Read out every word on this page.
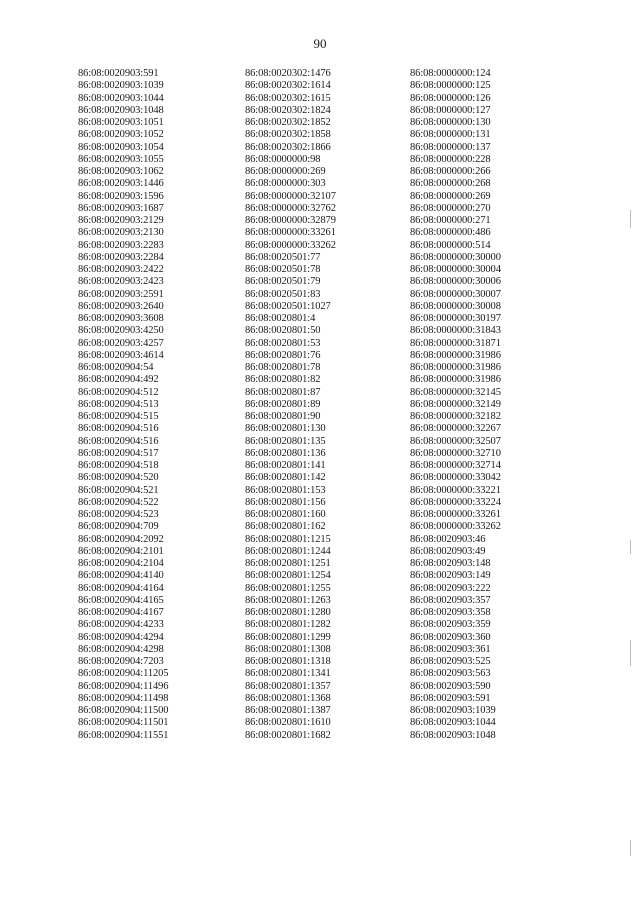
90
86:08:0020903:591
86:08:0020903:1039
86:08:0020903:1044
86:08:0020903:1048
86:08:0020903:1051
86:08:0020903:1052
86:08:0020903:1054
86:08:0020903:1055
86:08:0020903:1062
86:08:0020903:1446
86:08:0020903:1596
86:08:0020903:1687
86:08:0020903:2129
86:08:0020903:2130
86:08:0020903:2283
86:08:0020903:2284
86:08:0020903:2422
86:08:0020903:2423
86:08:0020903:2591
86:08:0020903:2640
86:08:0020903:3608
86:08:0020903:4250
86:08:0020903:4257
86:08:0020903:4614
86:08:0020904:54
86:08:0020904:492
86:08:0020904:512
86:08:0020904:513
86:08:0020904:515
86:08:0020904:516
86:08:0020904:516
86:08:0020904:517
86:08:0020904:518
86:08:0020904:520
86:08:0020904:521
86:08:0020904:522
86:08:0020904:523
86:08:0020904:709
86:08:0020904:2092
86:08:0020904:2101
86:08:0020904:2104
86:08:0020904:4140
86:08:0020904:4164
86:08:0020904:4165
86:08:0020904:4167
86:08:0020904:4233
86:08:0020904:4294
86:08:0020904:4298
86:08:0020904:7203
86:08:0020904:11205
86:08:0020904:11496
86:08:0020904:11498
86:08:0020904:11500
86:08:0020904:11501
86:08:0020904:11551
86:08:0020302:1476
86:08:0020302:1614
86:08:0020302:1615
86:08:0020302:1824
86:08:0020302:1852
86:08:0020302:1858
86:08:0020302:1866
86:08:0000000:98
86:08:0000000:269
86:08:0000000:303
86:08:0000000:32107
86:08:0000000:32762
86:08:0000000:32879
86:08:0000000:33261
86:08:0000000:33262
86:08:0020501:77
86:08:0020501:78
86:08:0020501:79
86:08:0020501:83
86:08:0020501:1027
86:08:0020801:4
86:08:0020801:50
86:08:0020801:53
86:08:0020801:76
86:08:0020801:78
86:08:0020801:82
86:08:0020801:87
86:08:0020801:89
86:08:0020801:90
86:08:0020801:130
86:08:0020801:135
86:08:0020801:136
86:08:0020801:141
86:08:0020801:142
86:08:0020801:153
86:08:0020801:156
86:08:0020801:160
86:08:0020801:162
86:08:0020801:1215
86:08:0020801:1244
86:08:0020801:1251
86:08:0020801:1254
86:08:0020801:1255
86:08:0020801:1263
86:08:0020801:1280
86:08:0020801:1282
86:08:0020801:1299
86:08:0020801:1308
86:08:0020801:1318
86:08:0020801:1341
86:08:0020801:1357
86:08:0020801:1368
86:08:0020801:1387
86:08:0020801:1610
86:08:0020801:1682
86:08:0000000:124
86:08:0000000:125
86:08:0000000:126
86:08:0000000:127
86:08:0000000:130
86:08:0000000:131
86:08:0000000:137
86:08:0000000:228
86:08:0000000:266
86:08:0000000:268
86:08:0000000:269
86:08:0000000:270
86:08:0000000:271
86:08:0000000:486
86:08:0000000:514
86:08:0000000:30000
86:08:0000000:30004
86:08:0000000:30006
86:08:0000000:30007
86:08:0000000:30008
86:08:0000000:30197
86:08:0000000:31843
86:08:0000000:31871
86:08:0000000:31986
86:08:0000000:31986
86:08:0000000:31986
86:08:0000000:32145
86:08:0000000:32149
86:08:0000000:32182
86:08:0000000:32267
86:08:0000000:32507
86:08:0000000:32710
86:08:0000000:32714
86:08:0000000:33042
86:08:0000000:33221
86:08:0000000:33224
86:08:0000000:33261
86:08:0000000:33262
86:08:0020903:46
86:08:0020903:49
86:08:0020903:148
86:08:0020903:149
86:08:0020903:222
86:08:0020903:357
86:08:0020903:358
86:08:0020903:359
86:08:0020903:360
86:08:0020903:361
86:08:0020903:525
86:08:0020903:563
86:08:0020903:590
86:08:0020903:591
86:08:0020903:1039
86:08:0020903:1044
86:08:0020903:1048
